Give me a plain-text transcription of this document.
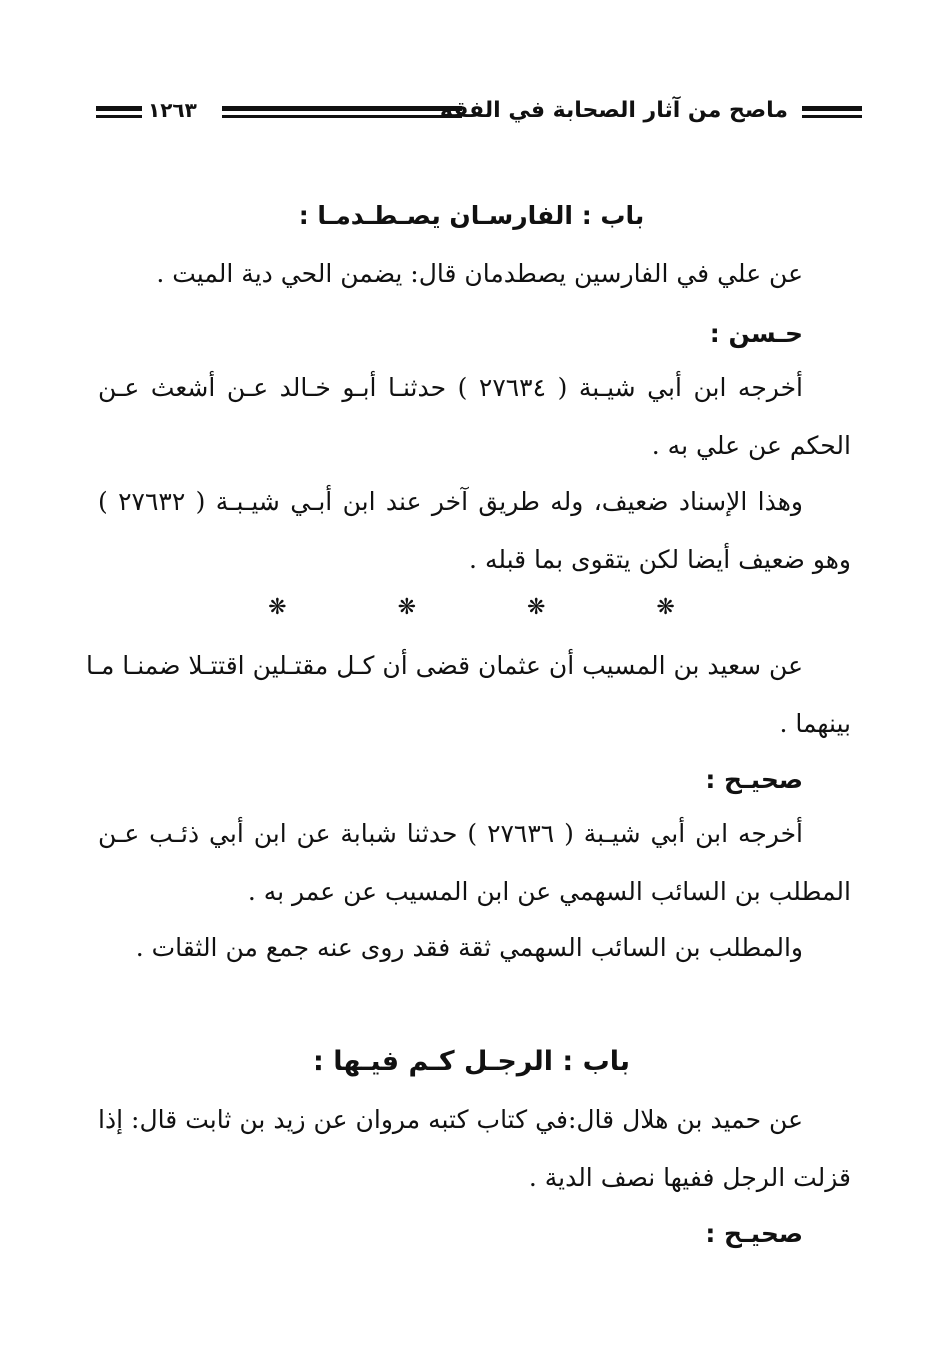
ماصح من آثار الصحابة في الفقه
١٢٦٣
باب : الفارسـان يصـطـدمـا :
عن علي في الفارسين يصطدمان قال: يضمن الحي دية الميت .
حـسن :
أخرجه ابن أبي شيـبة ( ٢٧٦٣٤ ) حدثنـا أبـو خـالد عـن أشعث عـن
الحكم عن علي به .
وهذا الإسناد ضعيف، وله طريق آخر عند ابن أبـي شيـبـة ( ٢٧٦٣٢ )
وهو ضعيف أيضا لكن يتقوى بما قبله .
❋ ❋ ❋ ❋
عن سعيد بن المسيب أن عثمان قضى أن كـل مقتـلين اقتتـلا ضمنـا مـا
بينهما .
صحيـح :
أخرجه ابن أبي شيـبة ( ٢٧٦٣٦ ) حدثنا شبابة عن ابن أبي ذئـب عـن
المطلب بن السائب السهمي عن ابن المسيب عن عمر به .
والمطلب بن السائب السهمي ثقة فقد روى عنه جمع من الثقات .
باب : الرجـل كـم فيـها :
عن حميد بن هلال قال:في كتاب كتبه مروان عن زيد بن ثابت قال: إذا
قزلت الرجل ففيها نصف الدية .
صحيـح :
